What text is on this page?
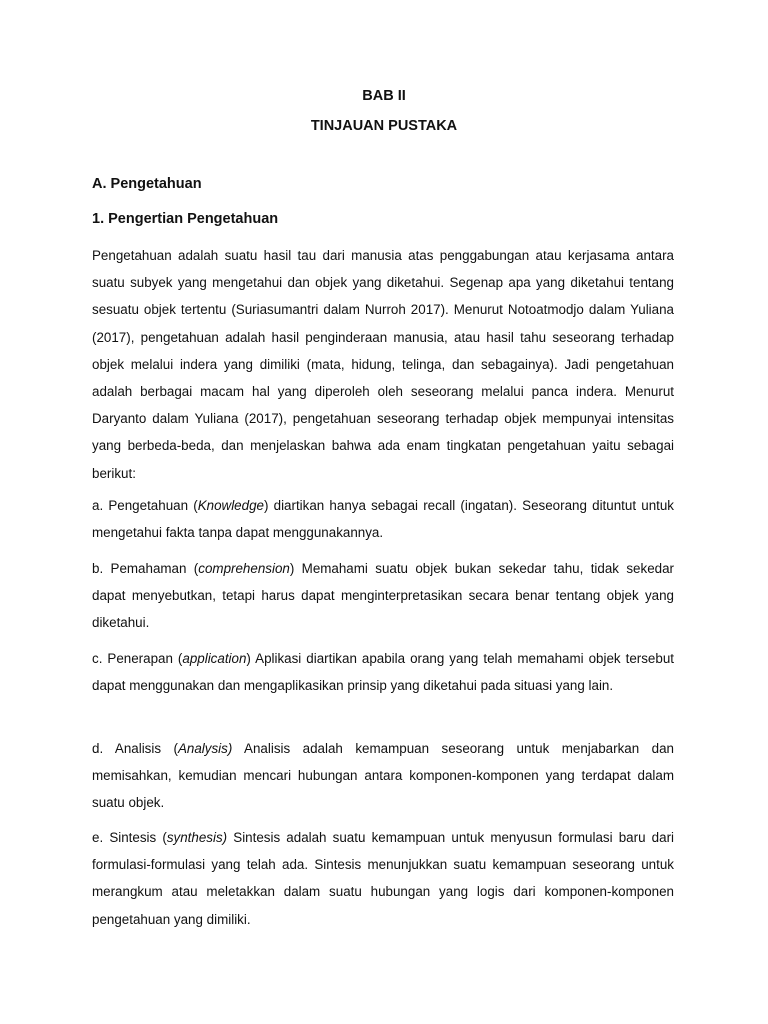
BAB II
TINJAUAN PUSTAKA
A. Pengetahuan
1. Pengertian Pengetahuan

Pengetahuan adalah suatu hasil tau dari manusia atas penggabungan atau kerjasama antara suatu subyek yang mengetahui dan objek yang diketahui. Segenap apa yang diketahui tentang sesuatu objek tertentu (Suriasumantri dalam Nurroh 2017). Menurut Notoatmodjo dalam Yuliana (2017), pengetahuan adalah hasil penginderaan manusia, atau hasil tahu seseorang terhadap objek melalui indera yang dimiliki (mata, hidung, telinga, dan sebagainya). Jadi pengetahuan adalah berbagai macam hal yang diperoleh oleh seseorang melalui panca indera. Menurut Daryanto dalam Yuliana (2017), pengetahuan seseorang terhadap objek mempunyai intensitas yang berbeda-beda, dan menjelaskan bahwa ada enam tingkatan pengetahuan yaitu sebagai berikut:

a. Pengetahuan (Knowledge) diartikan hanya sebagai recall (ingatan). Seseorang dituntut untuk mengetahui fakta tanpa dapat menggunakannya.

b. Pemahaman (comprehension) Memahami suatu objek bukan sekedar tahu, tidak sekedar dapat menyebutkan, tetapi harus dapat menginterpretasikan secara benar tentang objek yang diketahui.

c. Penerapan (application) Aplikasi diartikan apabila orang yang telah memahami objek tersebut dapat menggunakan dan mengaplikasikan prinsip yang diketahui pada situasi yang lain.

d. Analisis (Analysis) Analisis adalah kemampuan seseorang untuk menjabarkan dan memisahkan, kemudian mencari hubungan antara komponen-komponen yang terdapat dalam suatu objek.

e. Sintesis (synthesis) Sintesis adalah suatu kemampuan untuk menyusun formulasi baru dari formulasi-formulasi yang telah ada. Sintesis menunjukkan suatu kemampuan seseorang untuk merangkum atau meletakkan dalam suatu hubungan yang logis dari komponen-komponen pengetahuan yang dimiliki.
